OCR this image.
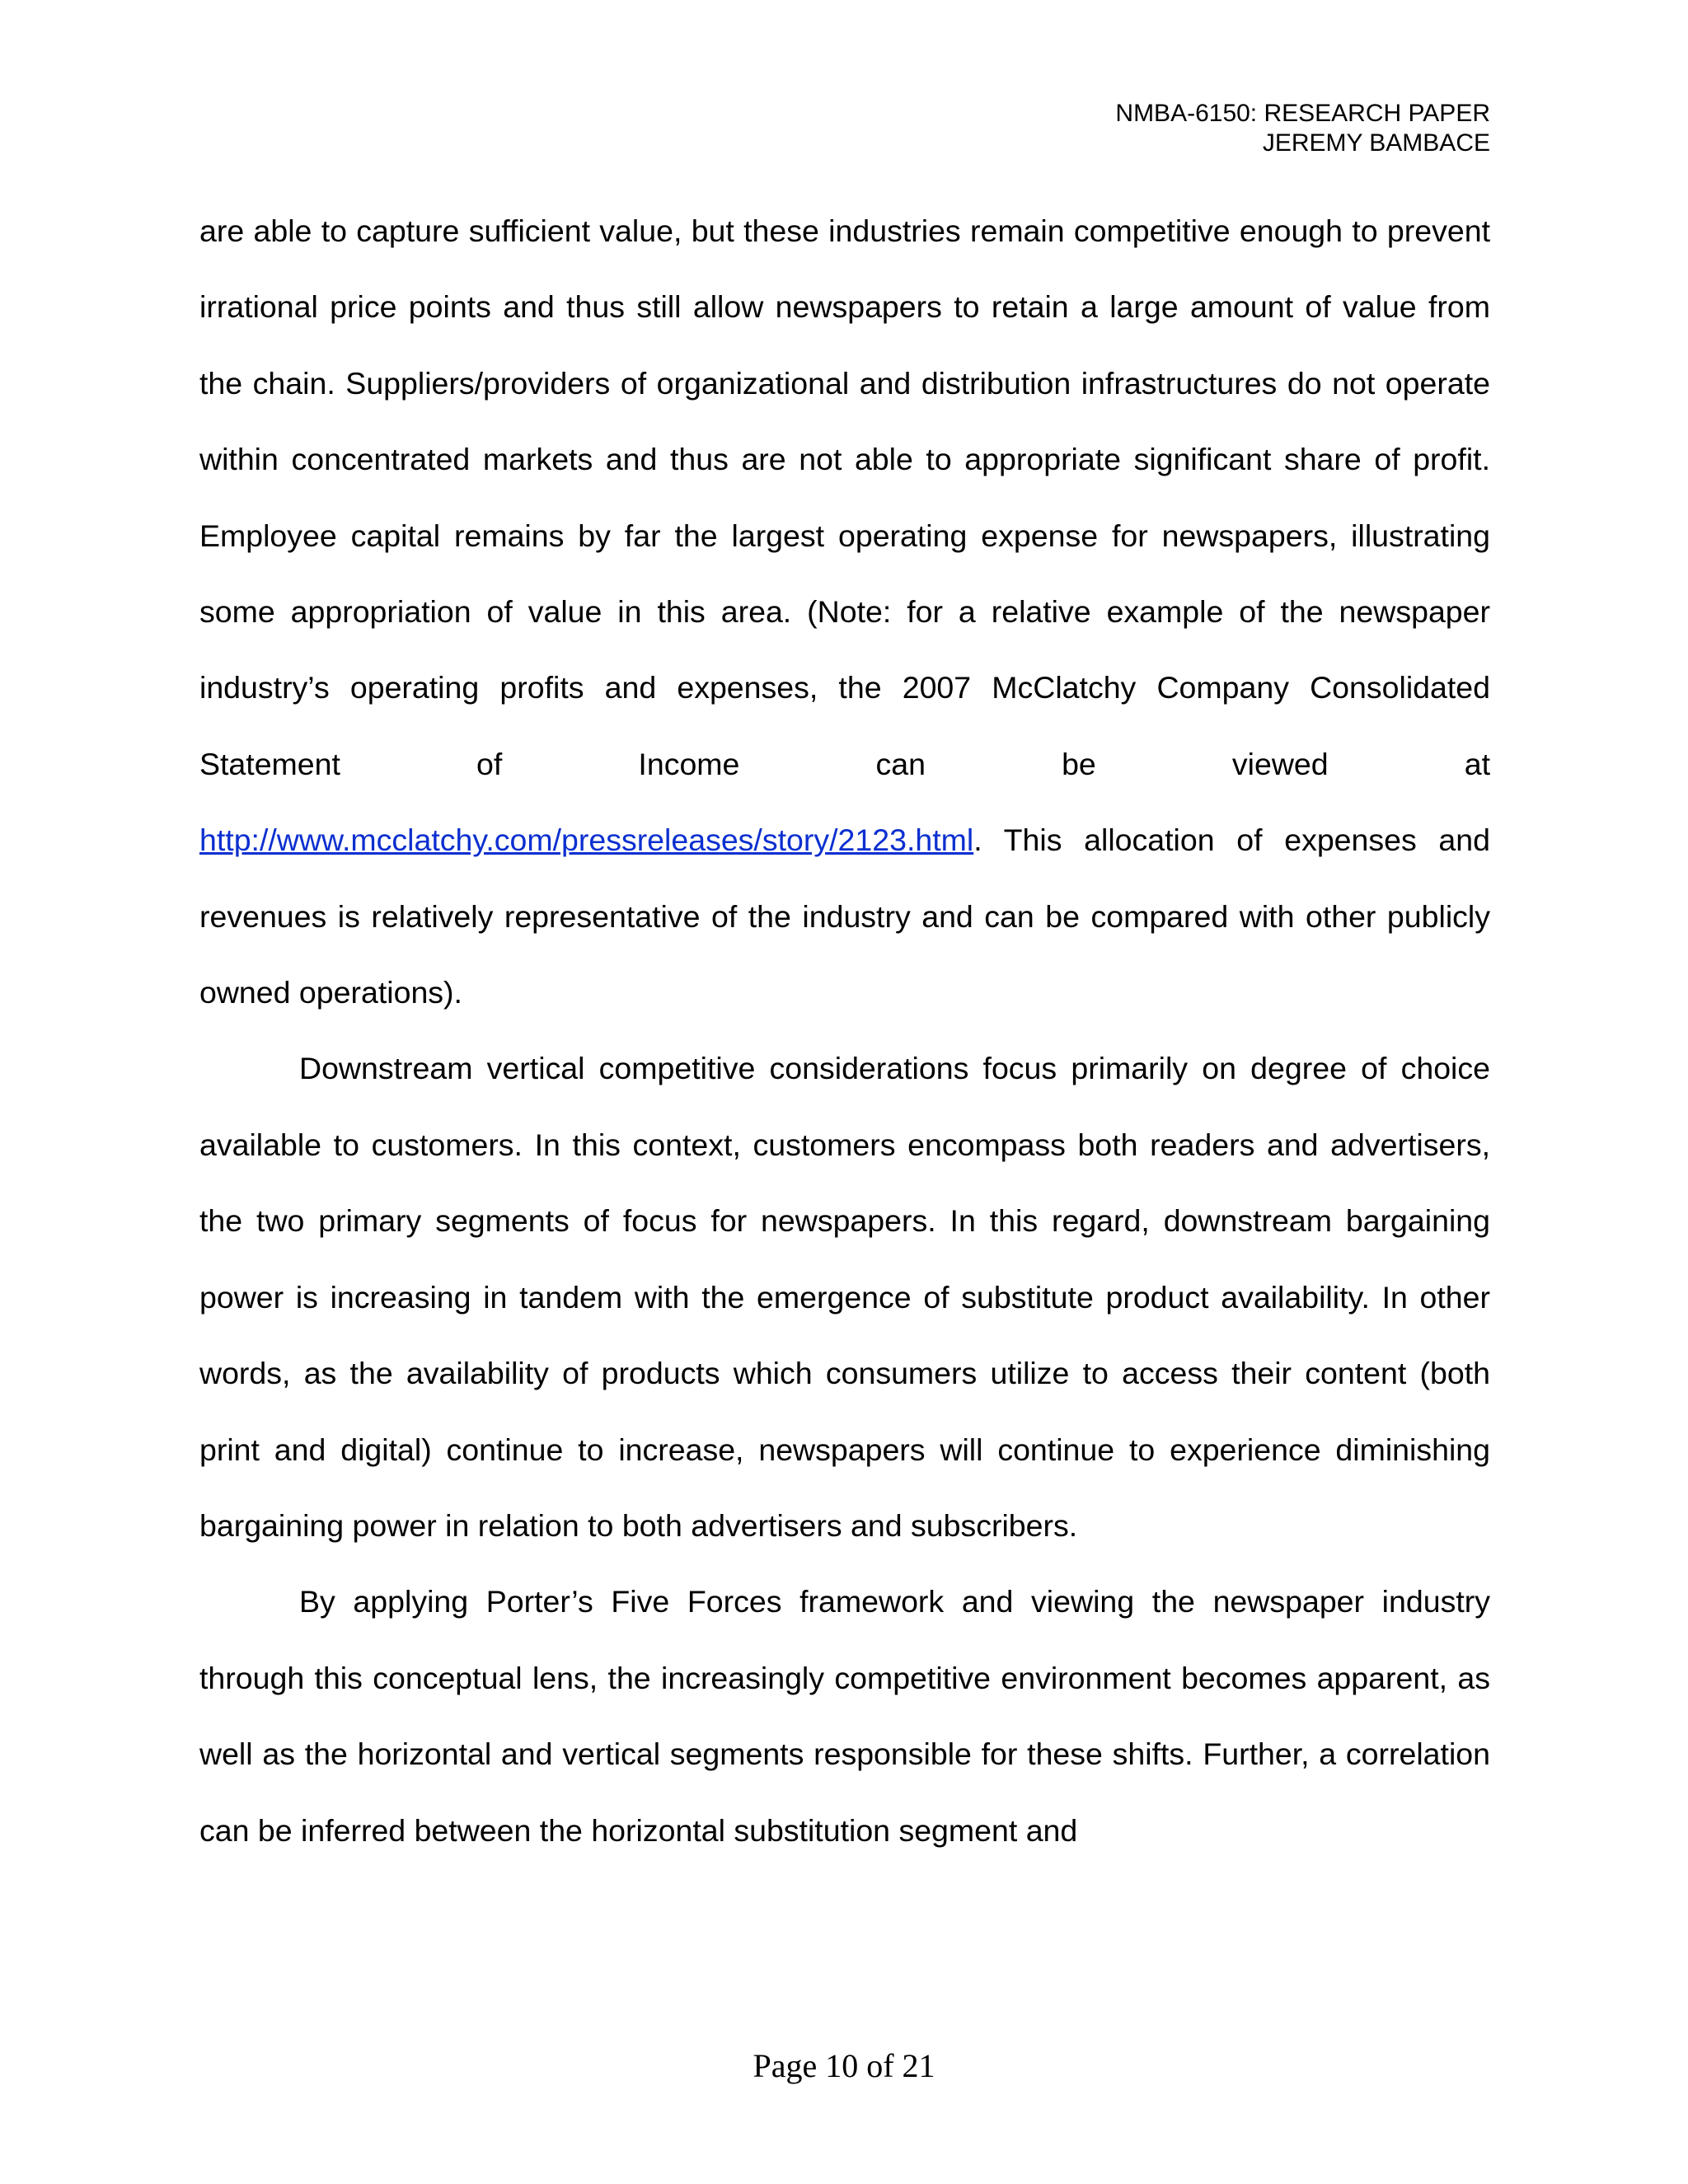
NMBA-6150: RESEARCH PAPER
JEREMY BAMBACE

are able to capture sufficient value, but these industries remain competitive enough to prevent irrational price points and thus still allow newspapers to retain a large amount of value from the chain. Suppliers/providers of organizational and distribution infrastructures do not operate within concentrated markets and thus are not able to appropriate significant share of profit. Employee capital remains by far the largest operating expense for newspapers, illustrating some appropriation of value in this area. (Note: for a relative example of the newspaper industry’s operating profits and expenses, the 2007 McClatchy Company Consolidated Statement of Income can be viewed at http://www.mcclatchy.com/pressreleases/story/2123.html. This allocation of expenses and revenues is relatively representative of the industry and can be compared with other publicly owned operations).

Downstream vertical competitive considerations focus primarily on degree of choice available to customers. In this context, customers encompass both readers and advertisers, the two primary segments of focus for newspapers. In this regard, downstream bargaining power is increasing in tandem with the emergence of substitute product availability. In other words, as the availability of products which consumers utilize to access their content (both print and digital) continue to increase, newspapers will continue to experience diminishing bargaining power in relation to both advertisers and subscribers.

By applying Porter’s Five Forces framework and viewing the newspaper industry through this conceptual lens, the increasingly competitive environment becomes apparent, as well as the horizontal and vertical segments responsible for these shifts. Further, a correlation can be inferred between the horizontal substitution segment and

Page 10 of 21
